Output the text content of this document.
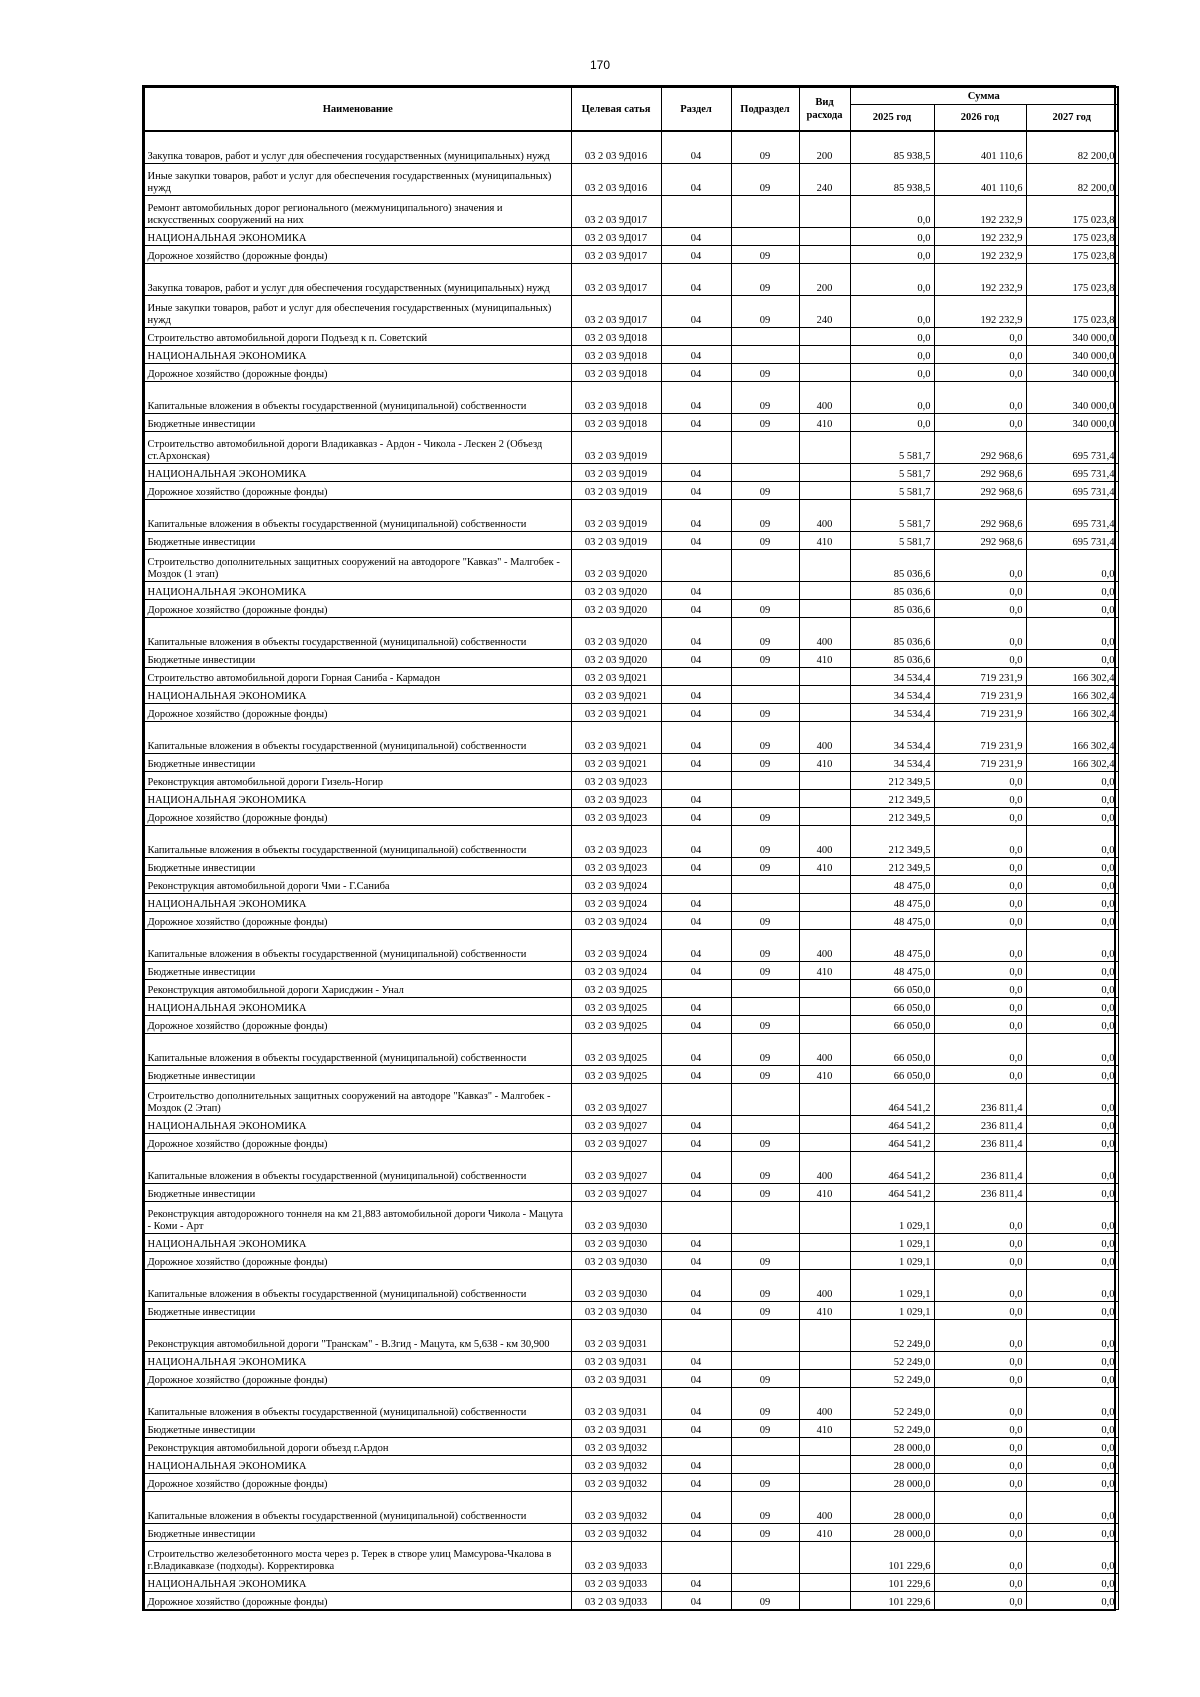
170
Наименование	Целевая сатья	Раздел	Подраздел	Вид расхода	Сумма		
					2025 год	2026 год	2027 год
Закупка товаров, работ и услуг для обеспечения государственных (муниципальных) нужд	03 2 03 9Д016	04	09	200	85 938,5	401 110,6	82 200,0
Иные закупки товаров, работ и услуг для обеспечения государственных (муниципальных) нужд	03 2 03 9Д016	04	09	240	85 938,5	401 110,6	82 200,0
Ремонт автомобильных дорог регионального (межмуниципального) значения и искусственных сооружений на них	03 2 03 9Д017				0,0	192 232,9	175 023,8
НАЦИОНАЛЬНАЯ ЭКОНОМИКА	03 2 03 9Д017	04			0,0	192 232,9	175 023,8
Дорожное хозяйство (дорожные фонды)	03 2 03 9Д017	04	09		0,0	192 232,9	175 023,8
Закупка товаров, работ и услуг для обеспечения государственных (муниципальных) нужд	03 2 03 9Д017	04	09	200	0,0	192 232,9	175 023,8
Иные закупки товаров, работ и услуг для обеспечения государственных (муниципальных) нужд	03 2 03 9Д017	04	09	240	0,0	192 232,9	175 023,8
Строительство автомобильной дороги Подъезд к п. Советский	03 2 03 9Д018				0,0	0,0	340 000,0
НАЦИОНАЛЬНАЯ ЭКОНОМИКА	03 2 03 9Д018	04			0,0	0,0	340 000,0
Дорожное хозяйство (дорожные фонды)	03 2 03 9Д018	04	09		0,0	0,0	340 000,0
Капитальные вложения в объекты государственной (муниципальной) собственности	03 2 03 9Д018	04	09	400	0,0	0,0	340 000,0
Бюджетные инвестиции	03 2 03 9Д018	04	09	410	0,0	0,0	340 000,0
Строительство автомобильной дороги Владикавказ - Ардон - Чикола - Лескен 2 (Объезд ст.Архонская)	03 2 03 9Д019				5 581,7	292 968,6	695 731,4
НАЦИОНАЛЬНАЯ ЭКОНОМИКА	03 2 03 9Д019	04			5 581,7	292 968,6	695 731,4
Дорожное хозяйство (дорожные фонды)	03 2 03 9Д019	04	09		5 581,7	292 968,6	695 731,4
Капитальные вложения в объекты государственной (муниципальной) собственности	03 2 03 9Д019	04	09	400	5 581,7	292 968,6	695 731,4
Бюджетные инвестиции	03 2 03 9Д019	04	09	410	5 581,7	292 968,6	695 731,4
Строительство дополнительных защитных сооружений на автодороге "Кавказ" - Малгобек - Моздок (1 этап)	03 2 03 9Д020				85 036,6	0,0	0,0
НАЦИОНАЛЬНАЯ ЭКОНОМИКА	03 2 03 9Д020	04			85 036,6	0,0	0,0
Дорожное хозяйство (дорожные фонды)	03 2 03 9Д020	04	09		85 036,6	0,0	0,0
Капитальные вложения в объекты государственной (муниципальной) собственности	03 2 03 9Д020	04	09	400	85 036,6	0,0	0,0
Бюджетные инвестиции	03 2 03 9Д020	04	09	410	85 036,6	0,0	0,0
Строительство автомобильной дороги Горная Саниба - Кармадон	03 2 03 9Д021				34 534,4	719 231,9	166 302,4
НАЦИОНАЛЬНАЯ ЭКОНОМИКА	03 2 03 9Д021	04			34 534,4	719 231,9	166 302,4
Дорожное хозяйство (дорожные фонды)	03 2 03 9Д021	04	09		34 534,4	719 231,9	166 302,4
Капитальные вложения в объекты государственной (муниципальной) собственности	03 2 03 9Д021	04	09	400	34 534,4	719 231,9	166 302,4
Бюджетные инвестиции	03 2 03 9Д021	04	09	410	34 534,4	719 231,9	166 302,4
Реконструкция автомобильной дороги Гизель-Ногир	03 2 03 9Д023				212 349,5	0,0	0,0
НАЦИОНАЛЬНАЯ ЭКОНОМИКА	03 2 03 9Д023	04			212 349,5	0,0	0,0
Дорожное хозяйство (дорожные фонды)	03 2 03 9Д023	04	09		212 349,5	0,0	0,0
Капитальные вложения в объекты государственной (муниципальной) собственности	03 2 03 9Д023	04	09	400	212 349,5	0,0	0,0
Бюджетные инвестиции	03 2 03 9Д023	04	09	410	212 349,5	0,0	0,0
Реконструкция автомобильной дороги Чми - Г.Саниба	03 2 03 9Д024				48 475,0	0,0	0,0
НАЦИОНАЛЬНАЯ ЭКОНОМИКА	03 2 03 9Д024	04			48 475,0	0,0	0,0
Дорожное хозяйство (дорожные фонды)	03 2 03 9Д024	04	09		48 475,0	0,0	0,0
Капитальные вложения в объекты государственной (муниципальной) собственности	03 2 03 9Д024	04	09	400	48 475,0	0,0	0,0
Бюджетные инвестиции	03 2 03 9Д024	04	09	410	48 475,0	0,0	0,0
Реконструкция автомобильной дороги Харисджин - Унал	03 2 03 9Д025				66 050,0	0,0	0,0
НАЦИОНАЛЬНАЯ ЭКОНОМИКА	03 2 03 9Д025	04			66 050,0	0,0	0,0
Дорожное хозяйство (дорожные фонды)	03 2 03 9Д025	04	09		66 050,0	0,0	0,0
Капитальные вложения в объекты государственной (муниципальной) собственности	03 2 03 9Д025	04	09	400	66 050,0	0,0	0,0
Бюджетные инвестиции	03 2 03 9Д025	04	09	410	66 050,0	0,0	0,0
Строительство дополнительных защитных сооружений на автодоре "Кавказ" - Малгобек - Моздок (2 Этап)	03 2 03 9Д027				464 541,2	236 811,4	0,0
НАЦИОНАЛЬНАЯ ЭКОНОМИКА	03 2 03 9Д027	04			464 541,2	236 811,4	0,0
Дорожное хозяйство (дорожные фонды)	03 2 03 9Д027	04	09		464 541,2	236 811,4	0,0
Капитальные вложения в объекты государственной (муниципальной) собственности	03 2 03 9Д027	04	09	400	464 541,2	236 811,4	0,0
Бюджетные инвестиции	03 2 03 9Д027	04	09	410	464 541,2	236 811,4	0,0
Реконструкция автодорожного тоннеля на км 21,883 автомобильной дороги Чикола - Мацута - Коми - Арт	03 2 03 9Д030				1 029,1	0,0	0,0
НАЦИОНАЛЬНАЯ ЭКОНОМИКА	03 2 03 9Д030	04			1 029,1	0,0	0,0
Дорожное хозяйство (дорожные фонды)	03 2 03 9Д030	04	09		1 029,1	0,0	0,0
Капитальные вложения в объекты государственной (муниципальной) собственности	03 2 03 9Д030	04	09	400	1 029,1	0,0	0,0
Бюджетные инвестиции	03 2 03 9Д030	04	09	410	1 029,1	0,0	0,0
Реконструкция автомобильной дороги "Транскам" - В.Згид - Мацута, км 5,638 - км 30,900	03 2 03 9Д031				52 249,0	0,0	0,0
НАЦИОНАЛЬНАЯ ЭКОНОМИКА	03 2 03 9Д031	04			52 249,0	0,0	0,0
Дорожное хозяйство (дорожные фонды)	03 2 03 9Д031	04	09		52 249,0	0,0	0,0
Капитальные вложения в объекты государственной (муниципальной) собственности	03 2 03 9Д031	04	09	400	52 249,0	0,0	0,0
Бюджетные инвестиции	03 2 03 9Д031	04	09	410	52 249,0	0,0	0,0
Реконструкция автомобильной дороги объезд г.Ардон	03 2 03 9Д032				28 000,0	0,0	0,0
НАЦИОНАЛЬНАЯ ЭКОНОМИКА	03 2 03 9Д032	04			28 000,0	0,0	0,0
Дорожное хозяйство (дорожные фонды)	03 2 03 9Д032	04	09		28 000,0	0,0	0,0
Капитальные вложения в объекты государственной (муниципальной) собственности	03 2 03 9Д032	04	09	400	28 000,0	0,0	0,0
Бюджетные инвестиции	03 2 03 9Д032	04	09	410	28 000,0	0,0	0,0
Строительство железобетонного моста через р. Терек в створе улиц Мамсурова-Чкалова в г.Владикавказе (подходы). Корректировка	03 2 03 9Д033				101 229,6	0,0	0,0
НАЦИОНАЛЬНАЯ ЭКОНОМИКА	03 2 03 9Д033	04			101 229,6	0,0	0,0
Дорожное хозяйство (дорожные фонды)	03 2 03 9Д033	04	09		101 229,6	0,0	0,0
